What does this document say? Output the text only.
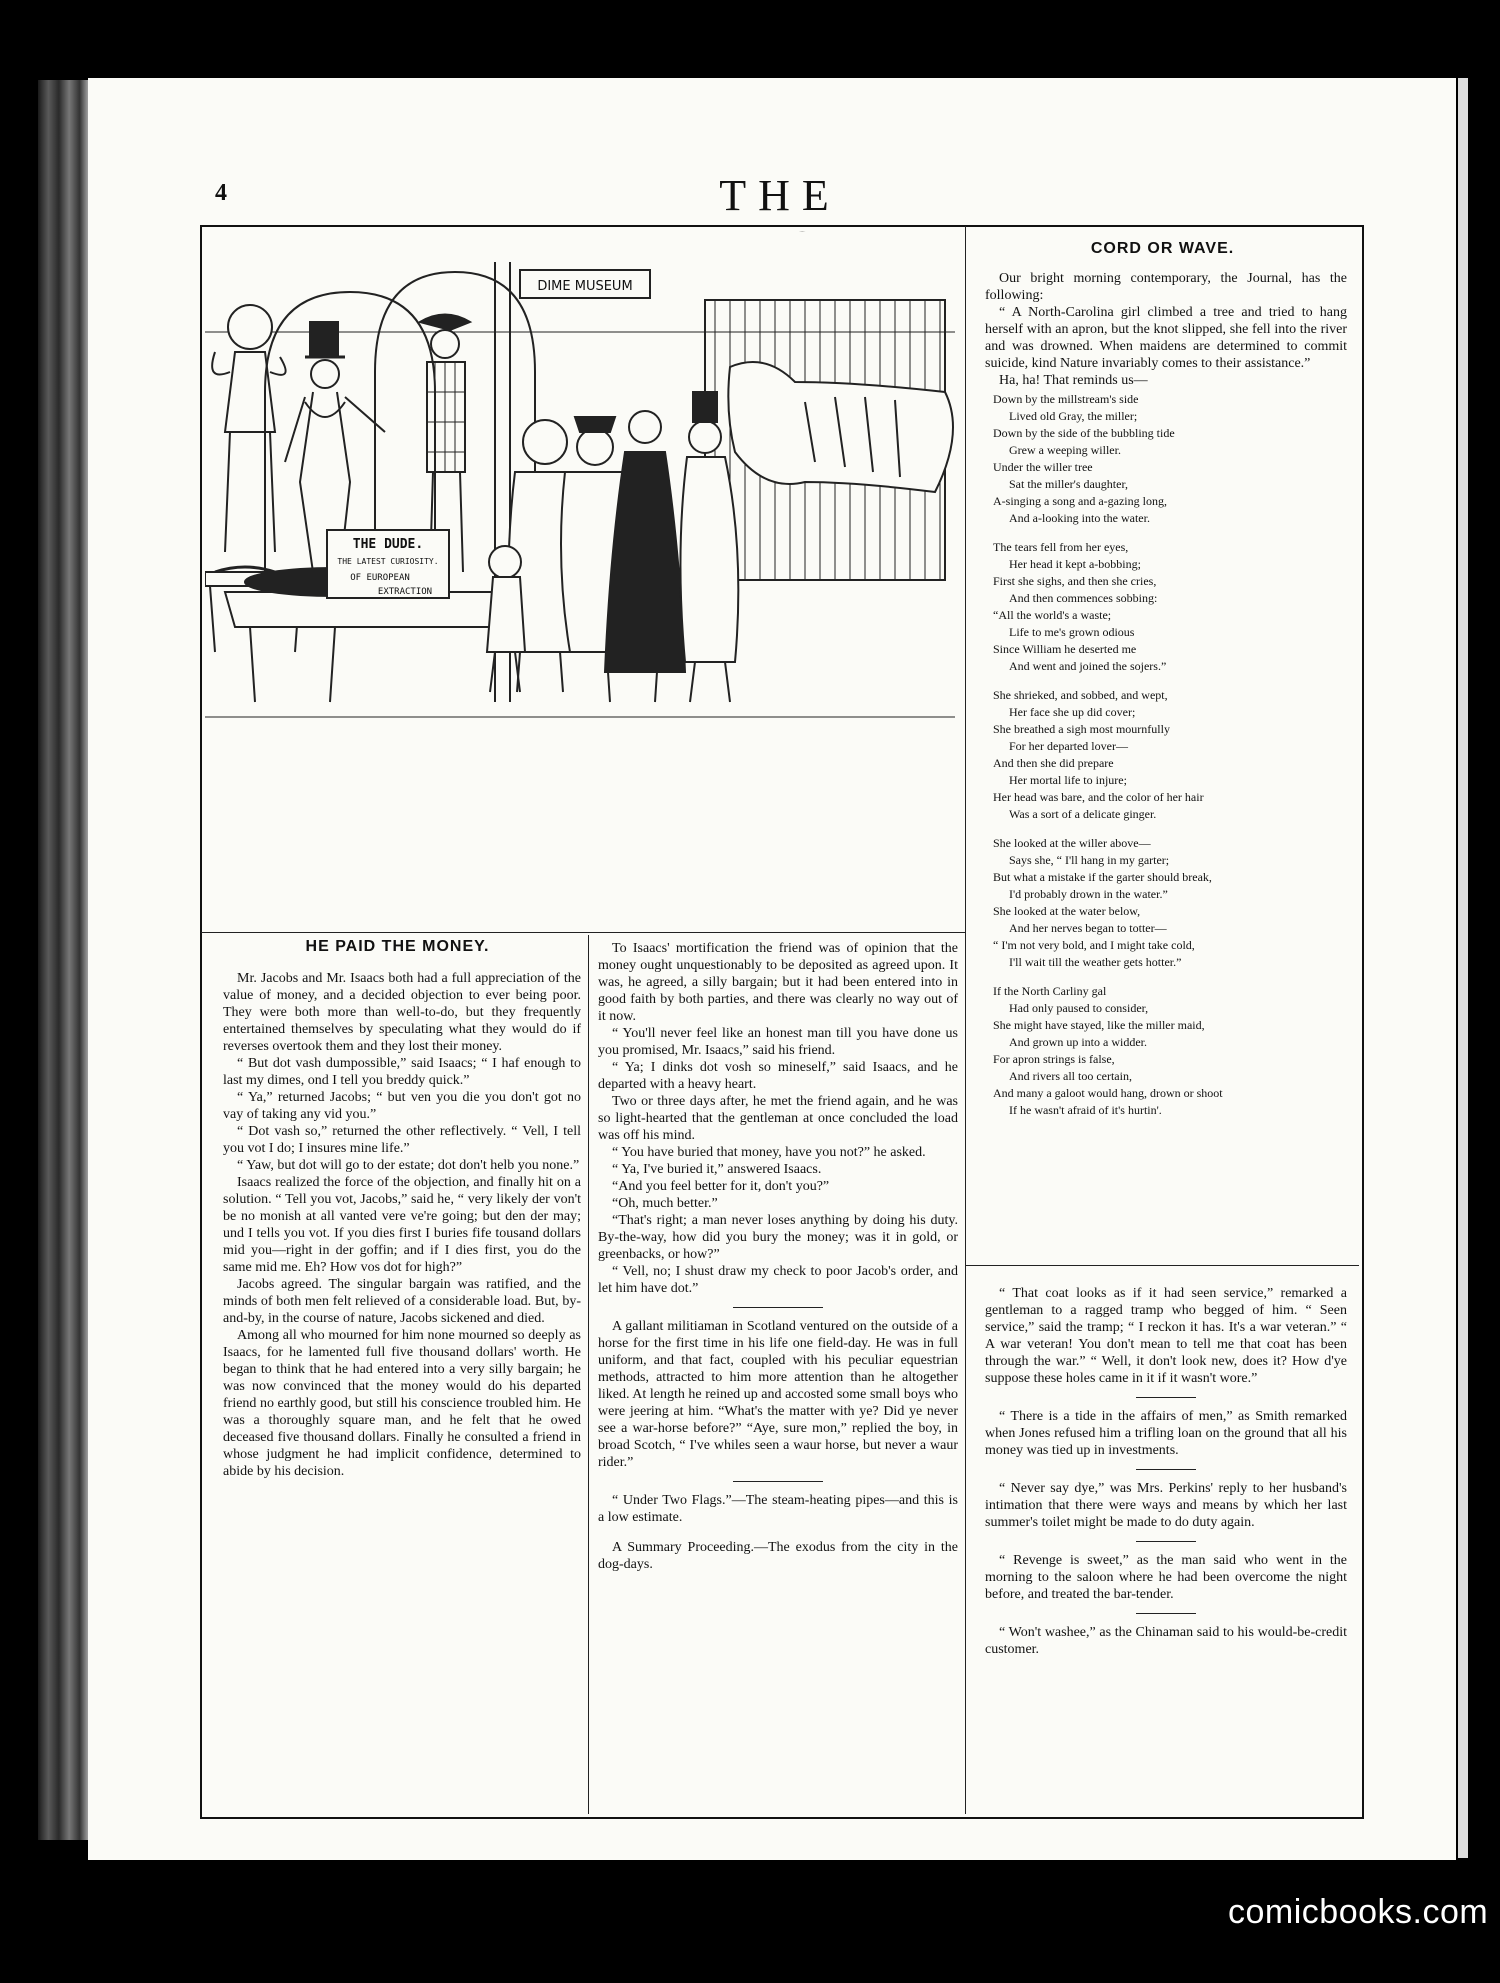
4	THE
DIME MUSEUM
THE DUDE.
THE LATEST CURIOSITY.
OF EUROPEAN
EXTRACTION
HE PAID THE MONEY.

Mr. Jacobs and Mr. Isaacs both had a full appreciation of the value of money, and a decided objection to ever being poor. They were both more than well-to-do, but they frequently entertained themselves by speculating what they would do if reverses overtook them and they lost their money.

“ But dot vash dumpossible,” said Isaacs; “ I haf enough to last my dimes, ond I tell you breddy quick.”

“ Ya,” returned Jacobs; “ but ven you die you don't got no vay of taking any vid you.”

“ Dot vash so,” returned the other reflectively. “ Vell, I tell you vot I do; I insures mine life.”

“ Yaw, but dot will go to der estate; dot don't helb you none.”

Isaacs realized the force of the objection, and finally hit on a solution. “ Tell you vot, Jacobs,” said he, “ very likely der von't be no monish at all vanted vere ve're going; but den der may; und I tells you vot. If you dies first I buries fife tousand dollars mid you—right in der goffin; and if I dies first, you do the same mid me. Eh? How vos dot for high?”

Jacobs agreed. The singular bargain was ratified, and the minds of both men felt relieved of a considerable load. But, by-and-by, in the course of nature, Jacobs sickened and died.

Among all who mourned for him none mourned so deeply as Isaacs, for he lamented full five thousand dollars' worth. He began to think that he had entered into a very silly bargain; he was now convinced that the money would do his departed friend no earthly good, but still his conscience troubled him. He was a thoroughly square man, and he felt that he owed deceased five thousand dollars. Finally he consulted a friend in whose judgment he had implicit confidence, determined to abide by his decision.

To Isaacs' mortification the friend was of opinion that the money ought unquestionably to be deposited as agreed upon. It was, he agreed, a silly bargain; but it had been entered into in good faith by both parties, and there was clearly no way out of it now.

“ You'll never feel like an honest man till you have done us you promised, Mr. Isaacs,” said his friend.

“ Ya; I dinks dot vosh so mineself,” said Isaacs, and he departed with a heavy heart.

Two or three days after, he met the friend again, and he was so light-hearted that the gentleman at once concluded the load was off his mind.

“ You have buried that money, have you not?” he asked.

“ Ya, I've buried it,” answered Isaacs.

“And you feel better for it, don't you?”

“Oh, much better.”

“That's right; a man never loses anything by doing his duty. By-the-way, how did you bury the money; was it in gold, or greenbacks, or how?”

“ Vell, no; I shust draw my check to poor Jacob's order, and let him have dot.”

A gallant militiaman in Scotland ventured on the outside of a horse for the first time in his life one field-day. He was in full uniform, and that fact, coupled with his peculiar equestrian methods, attracted to him more attention than he altogether liked. At length he reined up and accosted some small boys who were jeering at him. “What's the matter with ye? Did ye never see a war-horse before?” “Aye, sure mon,” replied the boy, in broad Scotch, “ I've whiles seen a waur horse, but never a waur rider.”

“ Under Two Flags.”—The steam-heating pipes—and this is a low estimate.

A Summary Proceeding.—The exodus from the city in the dog-days.

CORD OR WAVE.

Our bright morning contemporary, the Journal, has the following:

“ A North-Carolina girl climbed a tree and tried to hang herself with an apron, but the knot slipped, she fell into the river and was drowned. When maidens are determined to commit suicide, kind Nature invariably comes to their assistance.”

Ha, ha! That reminds us—

Down by the millstream's side
Lived old Gray, the miller;
Down by the side of the bubbling tide
Grew a weeping willer.
Under the willer tree
Sat the miller's daughter,
A-singing a song and a-gazing long,
And a-looking into the water.
The tears fell from her eyes,
Her head it kept a-bobbing;
First she sighs, and then she cries,
And then commences sobbing:
“All the world's a waste;
Life to me's grown odious
Since William he deserted me
And went and joined the sojers.”
She shrieked, and sobbed, and wept,
Her face she up did cover;
She breathed a sigh most mournfully
For her departed lover—
And then she did prepare
Her mortal life to injure;
Her head was bare, and the color of her hair
Was a sort of a delicate ginger.
She looked at the willer above—
Says she, “ I'll hang in my garter;
But what a mistake if the garter should break,
I'd probably drown in the water.”
She looked at the water below,
And her nerves began to totter—
“ I'm not very bold, and I might take cold,
I'll wait till the weather gets hotter.”
If the North Carliny gal
Had only paused to consider,
She might have stayed, like the miller maid,
And grown up into a widder.
For apron strings is false,
And rivers all too certain,
And many a galoot would hang, drown or shoot
If he wasn't afraid of it's hurtin'.

“ That coat looks as if it had seen service,” remarked a gentleman to a ragged tramp who begged of him. “ Seen service,” said the tramp; “ I reckon it has. It's a war veteran.” “ A war veteran! You don't mean to tell me that coat has been through the war.” “ Well, it don't look new, does it? How d'ye suppose these holes came in it if it wasn't wore.”

“ There is a tide in the affairs of men,” as Smith remarked when Jones refused him a trifling loan on the ground that all his money was tied up in investments.

“ Never say dye,” was Mrs. Perkins' reply to her husband's intimation that there were ways and means by which her last summer's toilet might be made to do duty again.

“ Revenge is sweet,” as the man said who went in the morning to the saloon where he had been overcome the night before, and treated the bar-tender.

“ Won't washee,” as the Chinaman said to his would-be-credit customer.

comicbooks.com
